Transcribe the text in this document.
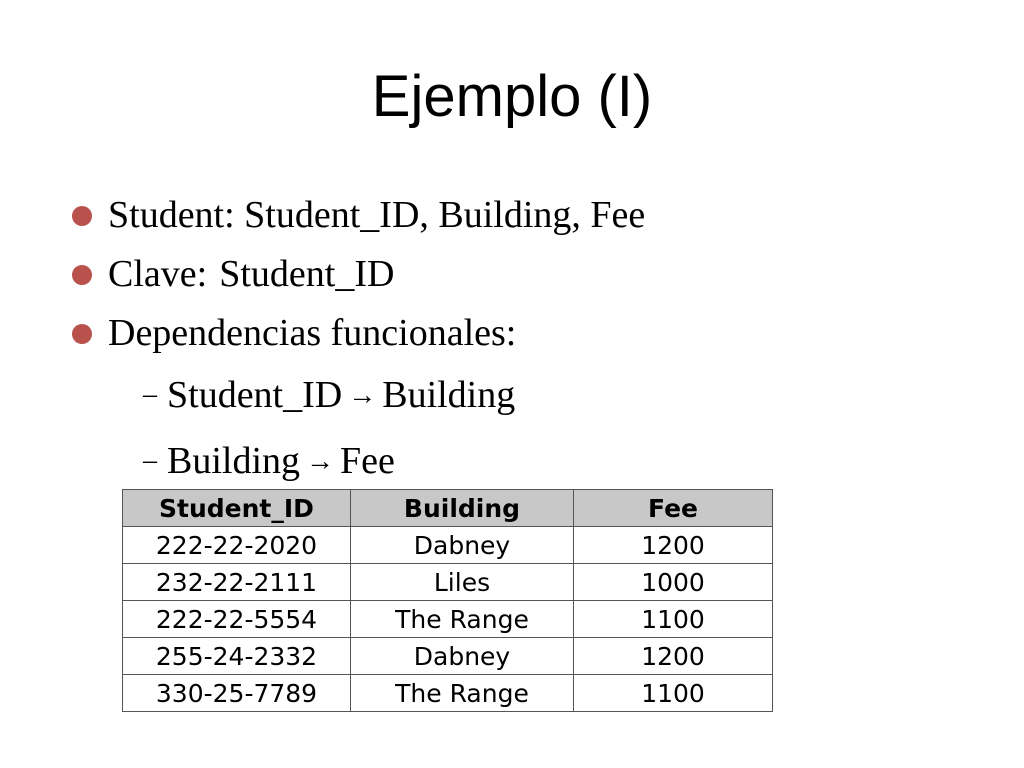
Ejemplo (I)
Student: Student_ID, Building, Fee
Clave: Student_ID
Dependencias funcionales:
– Student_ID → Building
– Building → Fee
Student_ID	Building	Fee
222-22-2020	Dabney	1200
232-22-2111	Liles	1000
222-22-5554	The Range	1100
255-24-2332	Dabney	1200
330-25-7789	The Range	1100
